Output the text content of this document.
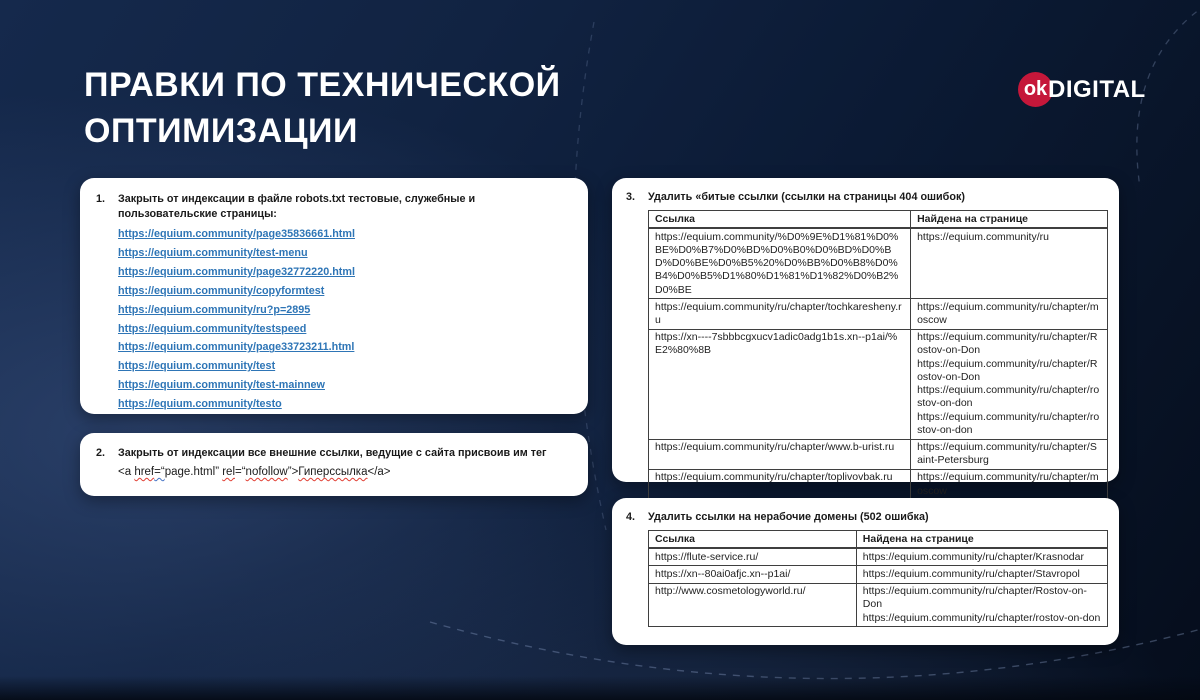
ПРАВКИ ПО ТЕХНИЧЕСКОЙ
ОПТИМИЗАЦИИ
ok DIGITAL
1.	Закрыть от индексации в файле robots.txt тестовые, служебные и пользовательские страницы:
https://equium.community/page35836661.html
https://equium.community/test-menu
https://equium.community/page32772220.html
https://equium.community/copyformtest
https://equium.community/ru?p=2895
https://equium.community/testspeed
https://equium.community/page33723211.html
https://equium.community/test
https://equium.community/test-mainnew
https://equium.community/testo
2.	Закрыть от индексации все внешние ссылки, ведущие с сайта присвоив им тег
<a href=“page.html” rel=“nofollow”>Гиперссылка</a>
3.	Удалить «битые ссылки (ссылки на страницы 404 ошибок)
Ссылка	Найдена на странице
https://equium.community/%D0%9E%D1%81%D0%BE%D0%B7%D0%BD%D0%B0%D0%BD%D0%BD%D0%BE%D0%B5%20%D0%BB%D0%B8%D0%B4%D0%B5%D1%80%D1%81%D1%82%D0%B2%D0%BE	https://equium.community/ru

https://equium.community/ru/chapter/tochkaresheny.ru	https://equium.community/ru/chapter/moscow

https://xn----7sbbbcgxucv1adic0adg1b1s.xn--p1ai/%E2%80%8B	https://equium.community/ru/chapter/Rostov-on-Don
https://equium.community/ru/chapter/Rostov-on-Don
https://equium.community/ru/chapter/rostov-on-don
https://equium.community/ru/chapter/rostov-on-don

https://equium.community/ru/chapter/www.b-urist.ru	https://equium.community/ru/chapter/Saint-Petersburg

https://equium.community/ru/chapter/toplivovbak.ru	https://equium.community/ru/chapter/moscow
4.	Удалить ссылки на нерабочие домены (502 ошибка)
Ссылка	Найдена на странице
https://flute-service.ru/	https://equium.community/ru/chapter/Krasnodar

https://xn--80ai0afjc.xn--p1ai/	https://equium.community/ru/chapter/Stavropol

http://www.cosmetologyworld.ru/	https://equium.community/ru/chapter/Rostov-on-Don
https://equium.community/ru/chapter/rostov-on-don
